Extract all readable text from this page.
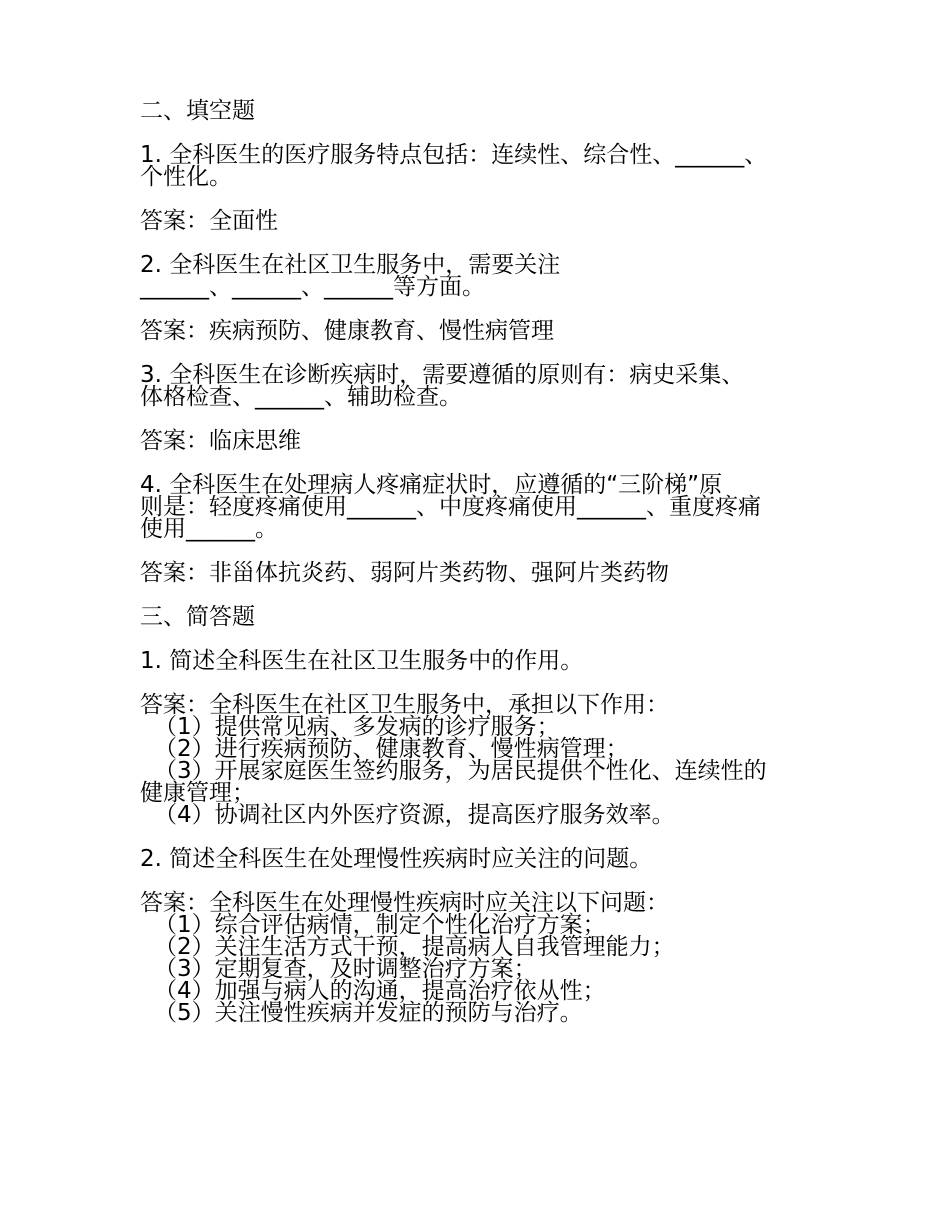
二、填空题
1. 全科医生的医疗服务特点包括：连续性、综合性、______、
个性化。
答案：全面性
2. 全科医生在社区卫生服务中，需要关注
______、______、______等方面。
答案：疾病预防、健康教育、慢性病管理
3. 全科医生在诊断疾病时，需要遵循的原则有：病史采集、
体格检查、______、辅助检查。
答案：临床思维
4. 全科医生在处理病人疼痛症状时，应遵循的“三阶梯”原
则是：轻度疼痛使用______、中度疼痛使用______、重度疼痛
使用______。
答案：非甾体抗炎药、弱阿片类药物、强阿片类药物
三、简答题
1. 简述全科医生在社区卫生服务中的作用。
答案：全科医生在社区卫生服务中，承担以下作用：
（1）提供常见病、多发病的诊疗服务；
（2）进行疾病预防、健康教育、慢性病管理；
（3）开展家庭医生签约服务，为居民提供个性化、连续性的
健康管理；
（4）协调社区内外医疗资源，提高医疗服务效率。
2. 简述全科医生在处理慢性疾病时应关注的问题。
答案：全科医生在处理慢性疾病时应关注以下问题：
（1）综合评估病情，制定个性化治疗方案；
（2）关注生活方式干预，提高病人自我管理能力；
（3）定期复查，及时调整治疗方案；
（4）加强与病人的沟通，提高治疗依从性；
（5）关注慢性疾病并发症的预防与治疗。
